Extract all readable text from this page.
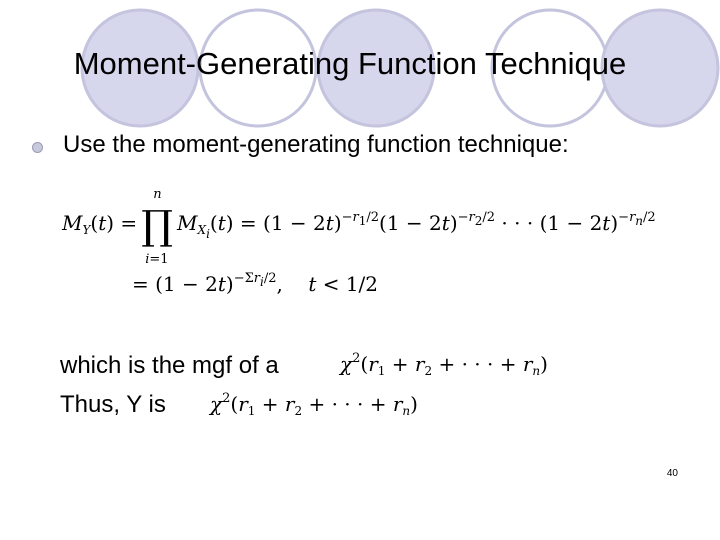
Moment-Generating Function Technique
Use the moment-generating function technique:
$M_Y(t)$ = ∏
n
i=1
$M_{X_i}(t) = (1 - 2t)^{-r_1/2}(1 - 2t)^{-r_2/2}$ · · · $(1 - 2t)^{-r_n/2}$
= $(1 - 2t)^{-\Sigma r_i/2}$,    t < 1/2
which is the mgf of a	$\chi^2(r_1 + r_2$ + · · · + $r_n$)
Thus, Y is $\chi^2(r_1 + r_2$ + · · · + $r_n$)
40
